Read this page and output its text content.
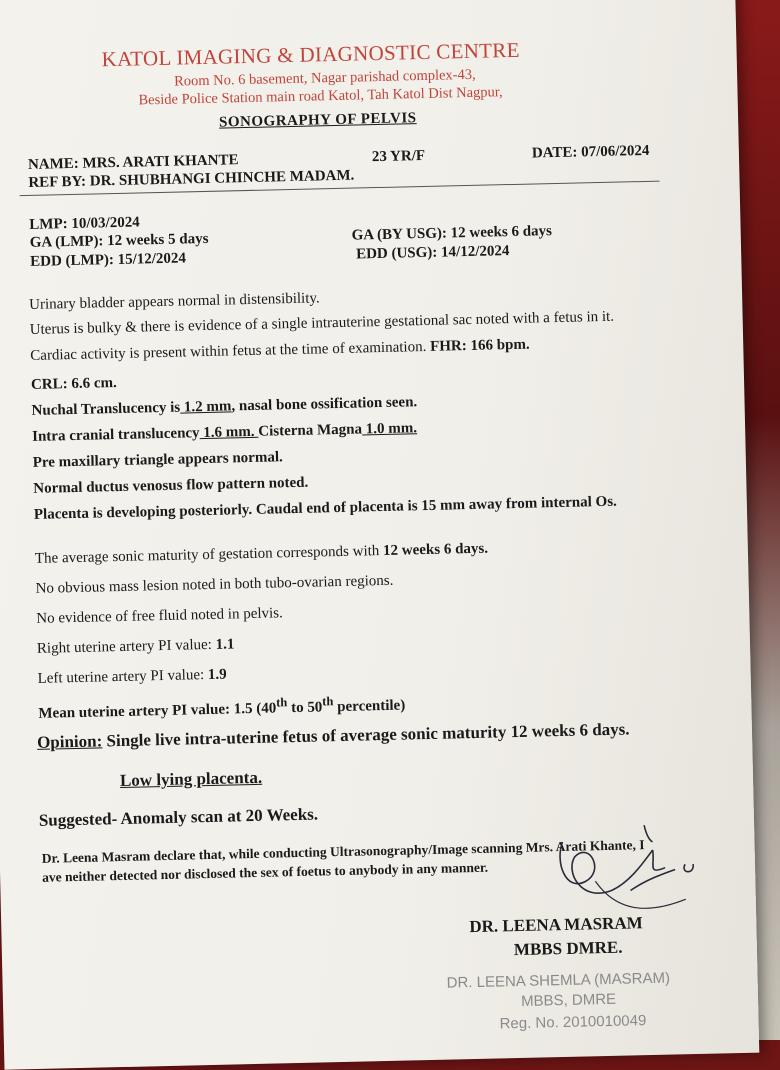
KATOL IMAGING & DIAGNOSTIC CENTRE
Room No. 6 basement, Nagar parishad complex-43,
Beside Police Station main road Katol, Tah Katol Dist Nagpur,
SONOGRAPHY OF PELVIS
NAME: MRS. ARATI KHANTE	23 YR/F	DATE: 07/06/2024
REF BY: DR. SHUBHANGI CHINCHE MADAM.
LMP: 10/03/2024
GA (LMP): 12 weeks 5 days
EDD (LMP): 15/12/2024
GA (BY USG): 12 weeks 6 days
EDD (USG): 14/12/2024
Urinary bladder appears normal in distensibility.
Uterus is bulky & there is evidence of a single intrauterine gestational sac noted with a fetus in it.
Cardiac activity is present within fetus at the time of examination. FHR: 166 bpm.
CRL: 6.6 cm.
Nuchal Translucency is 1.2 mm, nasal bone ossification seen.
Intra cranial translucency 1.6 mm. Cisterna Magna 1.0 mm.
Pre maxillary triangle appears normal.
Normal ductus venosus flow pattern noted.
Placenta is developing posteriorly. Caudal end of placenta is 15 mm away from internal Os.
The average sonic maturity of gestation corresponds with 12 weeks 6 days.
No obvious mass lesion noted in both tubo-ovarian regions.
No evidence of free fluid noted in pelvis.
Right uterine artery PI value: 1.1
Left uterine artery PI value: 1.9
Mean uterine artery PI value: 1.5 (40th to 50th percentile)
Opinion: Single live intra-uterine fetus of average sonic maturity 12 weeks 6 days.
Low lying placenta.
Suggested- Anomaly scan at 20 Weeks.
Dr. Leena Masram declare that, while conducting Ultrasonography/Image scanning Mrs. Arati Khante, I
ave neither detected nor disclosed the sex of foetus to anybody in any manner.
DR. LEENA MASRAM
MBBS DMRE.
DR. LEENA SHEMLA (MASRAM)
MBBS, DMRE
Reg. No. 2010010049
